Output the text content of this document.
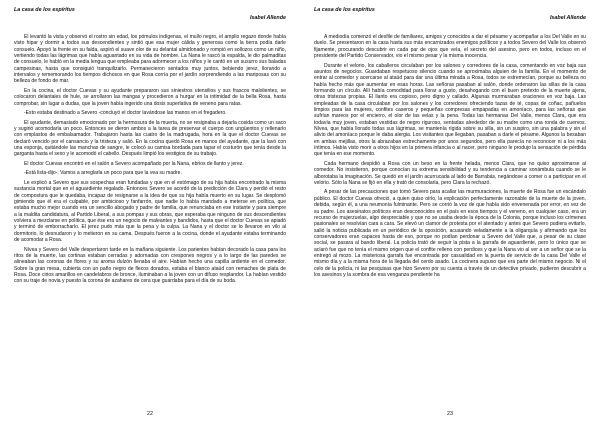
La casa de los espíritus
Isabel Allende

El levantó la vista y observó el rostro sin edad, los pómulos indígenas, el mullo negro, el amplio regazo donde había visto hipar y dormir a todos sus descendientes y sintió que esa mujer cálida y generosa como la tierra podía darle consuelo. Apoyó la frente en su falda, aspiró el suave olor de su delantal almidonado y rompió en sollozos como un niño, vertiendo todas las lágrimas que había aguantado en su vida de hombre. La Nana le rascó la espalda, le dio palmaditas de consuelo, le habló en la media lengua que empleaba para adormecer a los niños y le cantó en un susurro sus baladas campesinas, hasta que consiguió tranquilizarlo. Permanecieron sentados muy juntos, bebiendo jerez, llorando a intervalos y rememorando los tiempos dichosos en que Rosa corría por el jardín sorprendiendo a las mariposas con su belleza de fondo de mar.

En la cocina, el doctor Cuevas y su ayudante prepararon sus siniestros utensilios y sus frascos malolientes, se colocaron delantales de hule, se arrollaron las mangas y procedieron a hurgar en la intimidad de la bella Rosa, hasta comprobar, sin lugar a dudas, que la joven había ingerido una dosis superlativa de veneno para ratas.

-Esto estaba destinado a Severo -concluyó el doctor lavándose las manos en el fregadero.

El ayudante, demasiado emocionado por la hermosura de la muerta, no se resignaba a dejarla cosida como un saco y sugirió acomodarla un poco. Entonces se dieron ambos a la tarea de preservar el cuerpo con ungüentos y rellenarlo con emplastos de embalsamador. Trabajaron hasta las cuatro de la madrugada, hora en la que el doctor Cuevas se declaró vencido por el cansancio y la tristeza y salió. En la cocina quedó Rosa en manos del ayudante, que la lavó con una esponja, quitándole las manchas de sangre, le colocó su camisa bordada para tapar el costurón que tenía desde la garganta hasta el sexo y le acomodó el cabello. Después limpió los vestigios de su trabajo.

El doctor Cuevas encontró en el salón a Severo acompañado por la Nana, ebrios de llanto y jerez.

-Está lista-dijo-. Vamos a arreglarla un poco para que la vea su madre.

Le explicó a Severo que sus sospechas eran fundadas y que en el estómago de su hija había encontrado la misma sustancia mortal que en el aguardiente regalado. Entonces Severo se acordó de la predicción de Clara y perdió el resto de compostura que le quedaba, incapaz de resignarse a la idea de que su hija había muerto en su lugar. Se desplomó gimiendo que él era el culpable, por ambicioso y fanfarrón, que nadie lo había mandado a meterse en política, que estaba mucho mejor cuando era un sencillo abogado y padre de familia, que renunciaba en ese instante y para siempre a la maldita candidatura, al Partido Liberal, a sus pompas y sus obras, que esperaba que ninguno de sus descendientes volviera a mezclarse en política, que ése era un negocio de maleantes y bandidos, hasta que el doctor Cuevas se apiadó y terminó de emborracharlo. El jerez pudo más que la pena y la culpa. La Nana y el doctor se lo llevaron en vilo al dormitorio, lo desnudaron y lo metieron en su cama. Después fueron a la cocina, donde el ayudante estaba terminando de acomodar a Rosa.

Nívea y Severo del Valle despertaron tarde en la mañana siguiente. Los parientes habían decorado la casa para los ritos de la muerte, las cortinas estaban cerradas y adornadas con crespones negros y a lo largo de las paredes se alineaban las coronas de flores y su aroma dulzón llenaba el aire. Habían hecho una capilla ardiente en el comedor. Sobre la gran mesa, cubierta con un paño negro de flecos dorados, estaba el blanco ataúd con remaches de plata de Rosa. Doce cirios amarillos en candelabros de bronce, iluminaban a la joven con un difuso resplandor. La habían vestido con su traje de novia y puesto la corona de azahares de cera que guardaba para el día de su boda.

22
La casa de los espíritus
Isabel Allende

A mediodía comenzó el desfile de familiares, amigos y conocidos a dar el pésame y acompañar a los Del Valle en su duelo. Se presentaron en la casa hasta sus más encarnizados enemigos políticos y a todos Severo del Valle los observó fijamente, procurando descubrir en cada par de ojos que veía, el secreto del asesino, pero en todos, incluso en el presidente del Partido Conservador, vio el mismo pesar y la misma inocencia.

Durante el velorio, los caballeros circulaban por los salones y corredores de la casa, comentando en voz baja sus asuntos de negocios. Guardaban respetuoso silencio cuando se aproximaba alguien de la familia. En el momento de entrar al comedor y acercarse al ataúd para dar una última mirada a Rosa, todos se estremecían, porque su belleza no había hecho más que aumentar en esas horas. Las señoras pasaban al salón, donde ordenaron las sillas de la casa formando un círculo. Allí había comodidad para llorar a gusto, desahogando con el buen pretexto de la muerte ajena, otras tristezas propias. El llanto era copioso, pero digno y callado. Algunas murmuraban oraciones en voz baja. Las empleadas de la casa circulaban por los salones y los corredores ofreciendo tazas de té, copas de coñac, pañuelos limpios para las mujeres, confites caseros y pequeñas compresas empapadas en amoníaco, para las señoras que sufrían mareos por el encierro, el olor de las velas y la pena. Todas las hermanas Del Valle, menos Clara, que era todavía muy joven, estaban vestidas de negro riguroso, sentadas alrededor de su madre como una ronda de cuervos. Nívea, que había llorado todas sus lágrimas, se mantenía rígida sobre su silla, sin un suspiro, sin una palabra y sin el alivio del amoníaco porque le daba alergia. Los visitantes que llegaban, pasaban a darle el pésame. Algunos la besaban en ambas mejillas, otros la abrazaban estrechamente por unos segundos, pero ella parecía no reconocer ni a los más íntimos. Había visto morir a otros hijos en la primera infancia o al nacer, pero ninguno le produjo la sensación de pérdida que tenía en ese momento.

Cada hermano despidió a Rosa con un beso en la frente helada, menos Clara, que no quiso aproximarse al comedor. No insistieron, porque conocían su extrema sensibilidad y su tendencia a caminar sonámbula cuando se le alborotaba la imaginación. Se quedó en el jardín acurrucada al lado de Barrabás, negándose a comer o a participar en el velorio. Sólo la Nana se fijó en ella y trató de consolarla, pero Clara la rechazó.

A pesar de las precauciones que tomó Severo para acallar las murmuraciones, la muerte de Rosa fue un escándalo público. El doctor Cuevas ofreció, a quien quiso oírlo, la explicación perfectamente razonable de la muerte de la joven, debida, según él, a una neumonía fulminante. Pero se corrió la voz de que había sido envenenada por error, en vez de su padre. Los asesinatos políticos eran desconocidos en el país en esos tiempos y el veneno, en cualquier caso, era un recurso de mujerzuelas, algo despreciable y que no se usaba desde la época de la Colonia, porque incluso los crímenes pasionales se resolvían cara a cara. Se elevó un clamor de protesta por el atentado y antes que Severo pudiera evitarlo, salió la noticia publicada en un periódico de la oposición, acusando veladamente a la oligarquía y afirmando que los conservadores eran capaces hasta de eso, porque no podían perdonar a Severo del Valle que, a pesar de su clase social, se pasara al bando liberal. La policía trató de seguir la pista a la garrafa de aguardiente, pero lo único que se aclaró fue que no tenía el mismo origen que el confite relleno con perdices y que la Nana vio al ver a un señor que se la entregó al mozo. La misteriosa garrafa fue encontrada por casualidad en la puerta de servicio de la casa Del Valle el mismo día y a la misma hora de la llegada del cerdo asado. La cocinera supuso que era parte del mismo negocio. Ni el celo de la policía, ni las pesquisas que hizo Severo por su cuenta a través de un detective privado, pudieron descubrir a los asesinos y la sombra de esa venganza pendiente ha

23
